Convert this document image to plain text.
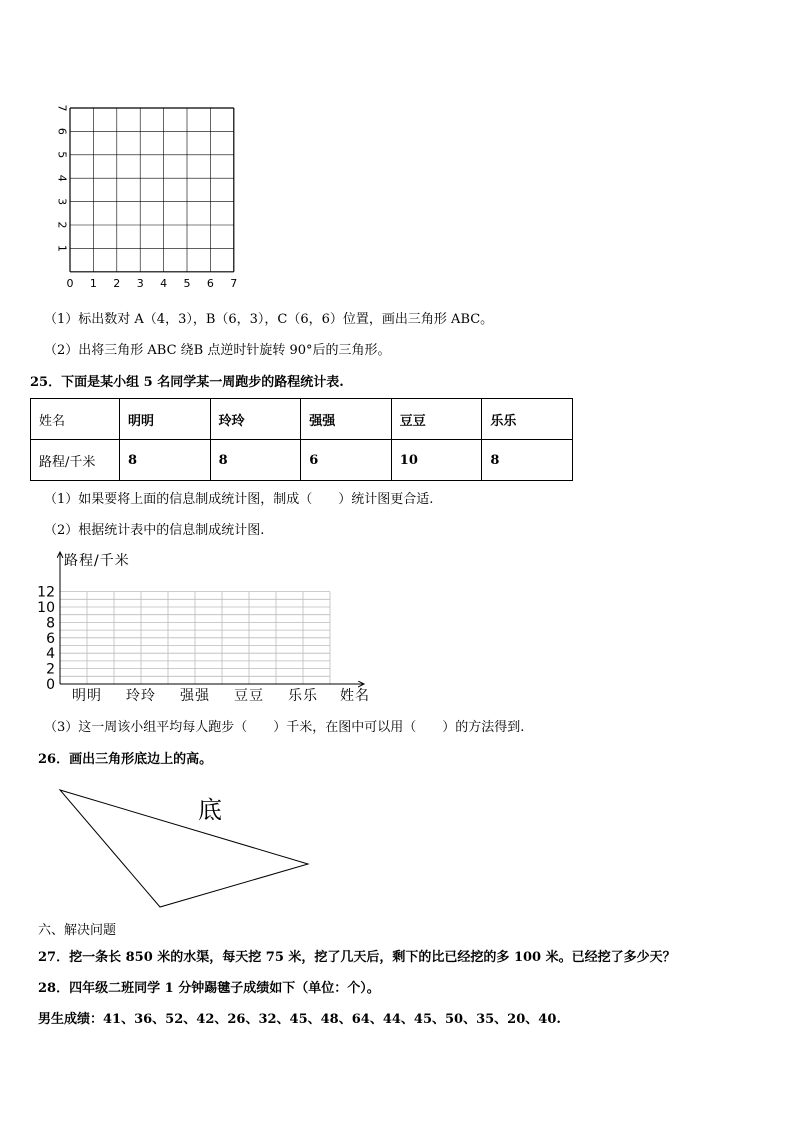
0 1 2 3 4 5 6 7
1
2
3
4
5
6
7
（1）标出数对 A（4，3），B（6，3），C（6，6）位置，画出三角形 ABC。
（2）出将三角形 ABC 绕B 点逆时针旋转 90°后的三角形。
25．下面是某小组 5 名同学某一周跑步的路程统计表.
姓名	明明	玲玲	强强	豆豆	乐乐
路程/千米	8	8	6	10	8
（1）如果要将上面的信息制成统计图，制成（　　）统计图更合适.
（2）根据统计表中的信息制成统计图.
路程/千米
0
2
4
6
8
10
12
明明 玲玲 强强 豆豆 乐乐 姓名
（3）这一周该小组平均每人跑步（　　）千米，在图中可以用（　　）的方法得到.
26．画出三角形底边上的高。
底
六、解决问题
27．挖一条长 850 米的水渠，每天挖 75 米，挖了几天后，剩下的比已经挖的多 100 米。已经挖了多少天？
28．四年级二班同学 1 分钟踢毽子成绩如下（单位：个）。
男生成绩：41、36、52、42、26、32、45、48、64、44、45、50、35、20、40.
